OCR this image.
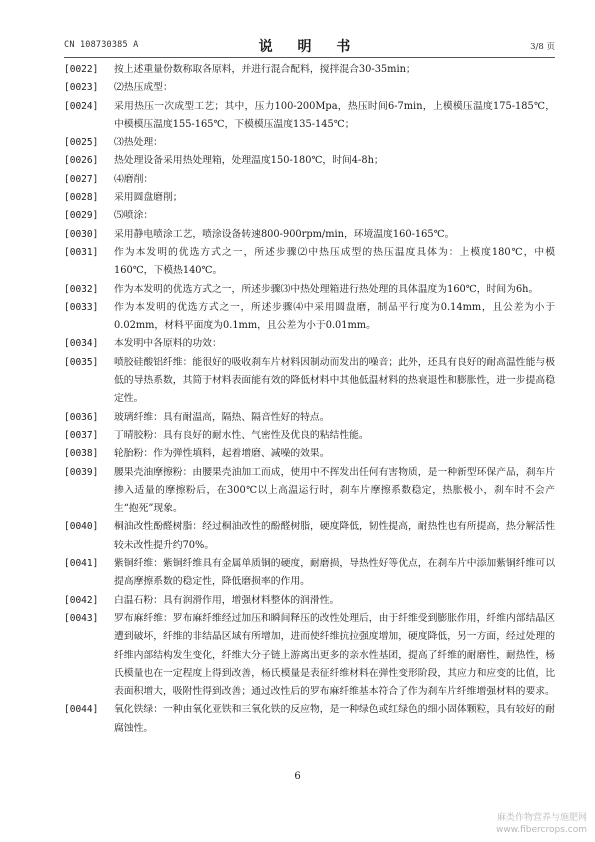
CN 108730385 A	说 明 书	3/8 页

[0022] 按上述重量份数称取各原料，并进行混合配料，搅拌混合30-35min；

[0023] ⑵热压成型：

[0024] 采用热压一次成型工艺；其中，压力100-200Mpa，热压时间6-7min，上模模压温度175-185℃，中模模压温度155-165℃，下模模压温度135-145℃；

[0025] ⑶热处理：

[0026] 热处理设备采用热处理箱，处理温度150-180℃，时间4-8h；

[0027] ⑷磨削：

[0028] 采用圆盘磨削；

[0029] ⑸喷涂：

[0030] 采用静电喷涂工艺，喷涂设备转速800-900rpm/min，环境温度160-165℃。

[0031] 作为本发明的优选方式之一，所述步骤⑵中热压成型的热压温度具体为：上模度180℃，中模160℃，下模热140℃。

[0032] 作为本发明的优选方式之一，所述步骤⑶中热处理箱进行热处理的具体温度为160℃，时间为6h。

[0033] 作为本发明的优选方式之一，所述步骤⑷中采用圆盘磨，制品平行度为0.14mm，且公差为小于0.02mm，材料平面度为0.1mm，且公差为小于0.01mm。

[0034] 本发明中各原料的功效：

[0035] 喷胶硅酸铝纤维：能很好的吸收刹车片材料因制动而发出的噪音；此外，还具有良好的耐高温性能与极低的导热系数，其简于材料表面能有效的降低材料中其他低温材料的热衰退性和膨胀性，进一步提高稳定性。

[0036] 玻璃纤维：具有耐温高，隔热、隔音性好的特点。

[0037] 丁晴胶粉：具有良好的耐水性、气密性及优良的粘结性能。

[0038] 轮胎粉：作为弹性填料，起着增磨、减噪的效果。

[0039] 腰果壳油摩擦粉：由腰果壳油加工而成，使用中不挥发出任何有害物质，是一种新型环保产品，刹车片掺入适量的摩擦粉后，在300℃以上高温运行时，刹车片摩擦系数稳定，热胀极小，刹车时不会产生“抱死”现象。

[0040] 桐油改性酚醛树脂：经过桐油改性的酚醛树脂，硬度降低，韧性提高，耐热性也有所提高，热分解活性较未改性提升约70%。

[0041] 紫铜纤维：紫铜纤维具有金属单质铜的硬度，耐磨损，导热性好等优点，在刹车片中添加紫铜纤维可以提高摩擦系数的稳定性，降低磨损率的作用。

[0042] 白温石粉：具有润滑作用，增强材料整体的润滑性。

[0043] 罗布麻纤维：罗布麻纤维经过加压和瞬间释压的改性处理后，由于纤维受到膨胀作用，纤维内部结晶区遭到破坏，纤维的非结晶区域有所增加，进而使纤维抗拉强度增加，硬度降低，另一方面，经过处理的纤维内部结构发生变化，纤维大分子链上游离出更多的亲水性基团，提高了纤维的耐磨性，耐热性，杨氏模量也在一定程度上得到改善，杨氏模量是表征纤维材料在弹性变形阶段，其应力和应变的比值，比表面积增大，吸附性得到改善；通过改性后的罗布麻纤维基本符合了作为刹车片纤维增强材料的要求。

[0044] 氧化铁绿：一种由氧化亚铁和三氧化铁的反应物，是一种绿色或红绿色的细小固体颗粒，具有较好的耐腐蚀性。

6
麻类作物营养与施肥网
www.fibercrops.com
